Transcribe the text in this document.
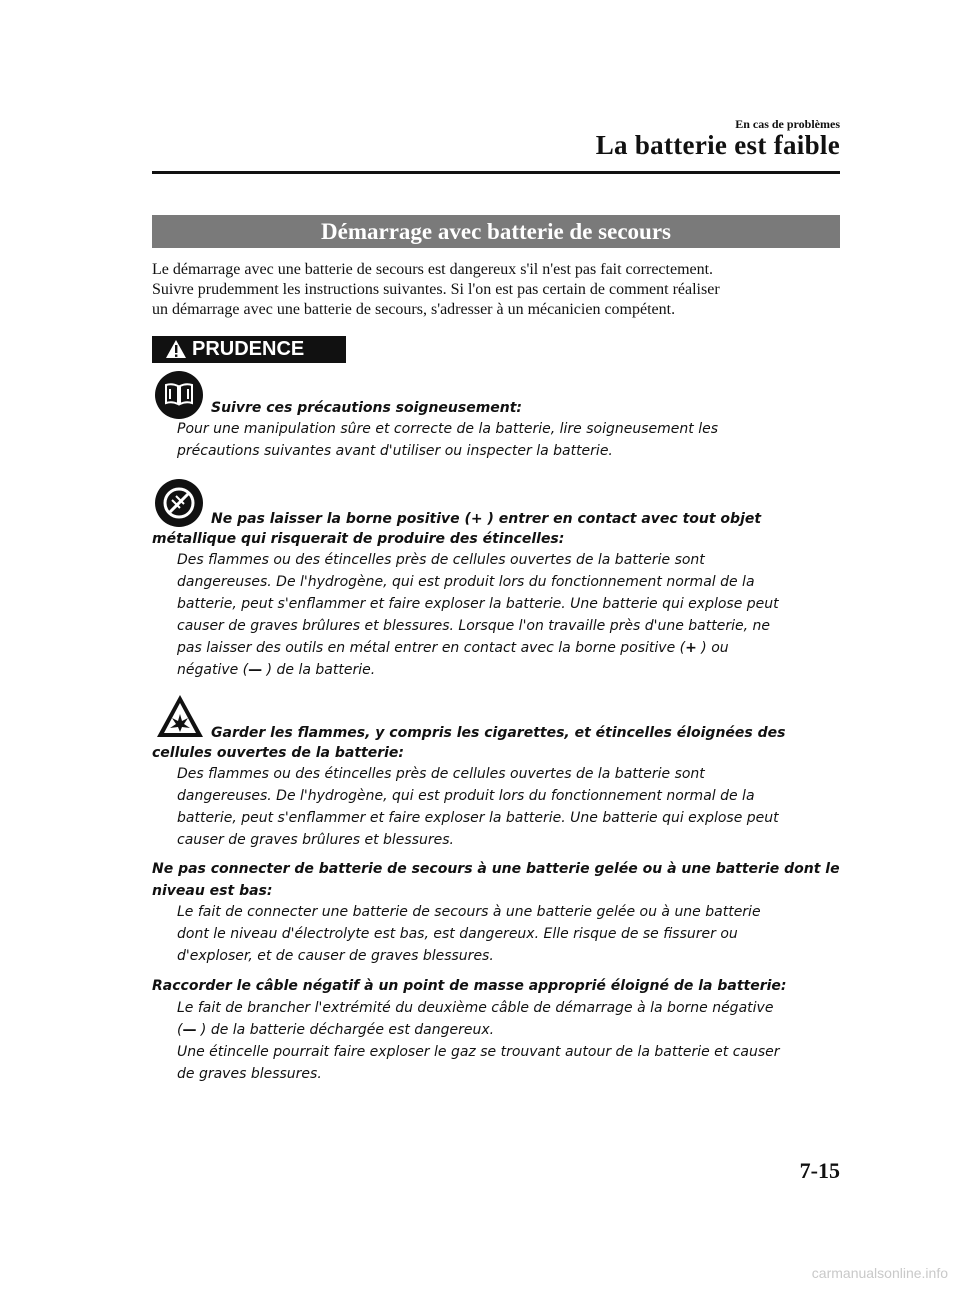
En cas de problèmes
La batterie est faible
Démarrage avec batterie de secours
Le démarrage avec une batterie de secours est dangereux s'il n'est pas fait correctement.
Suivre prudemment les instructions suivantes. Si l'on est pas certain de comment réaliser
un démarrage avec une batterie de secours, s'adresser à un mécanicien compétent.
PRUDENCE
Suivre ces précautions soigneusement:
Pour une manipulation sûre et correcte de la batterie, lire soigneusement les
précautions suivantes avant d'utiliser ou inspecter la batterie.
Ne pas laisser la borne positive (+ ) entrer en contact avec tout objet
métallique qui risquerait de produire des étincelles:
Des flammes ou des étincelles près de cellules ouvertes de la batterie sont
dangereuses. De l'hydrogène, qui est produit lors du fonctionnement normal de la
batterie, peut s'enflammer et faire exploser la batterie. Une batterie qui explose peut
causer de graves brûlures et blessures. Lorsque l'on travaille près d'une batterie, ne
pas laisser des outils en métal entrer en contact avec la borne positive (+ ) ou
négative (— ) de la batterie.
Garder les flammes, y compris les cigarettes, et étincelles éloignées des
cellules ouvertes de la batterie:
Des flammes ou des étincelles près de cellules ouvertes de la batterie sont
dangereuses. De l'hydrogène, qui est produit lors du fonctionnement normal de la
batterie, peut s'enflammer et faire exploser la batterie. Une batterie qui explose peut
causer de graves brûlures et blessures.
Ne pas connecter de batterie de secours à une batterie gelée ou à une batterie dont le
niveau est bas:
Le fait de connecter une batterie de secours à une batterie gelée ou à une batterie
dont le niveau d'électrolyte est bas, est dangereux. Elle risque de se fissurer ou
d'exploser, et de causer de graves blessures.
Raccorder le câble négatif à un point de masse approprié éloigné de la batterie:
Le fait de brancher l'extrémité du deuxième câble de démarrage à la borne négative
(— ) de la batterie déchargée est dangereux.
Une étincelle pourrait faire exploser le gaz se trouvant autour de la batterie et causer
de graves blessures.
7-15
carmanualsonline.info
